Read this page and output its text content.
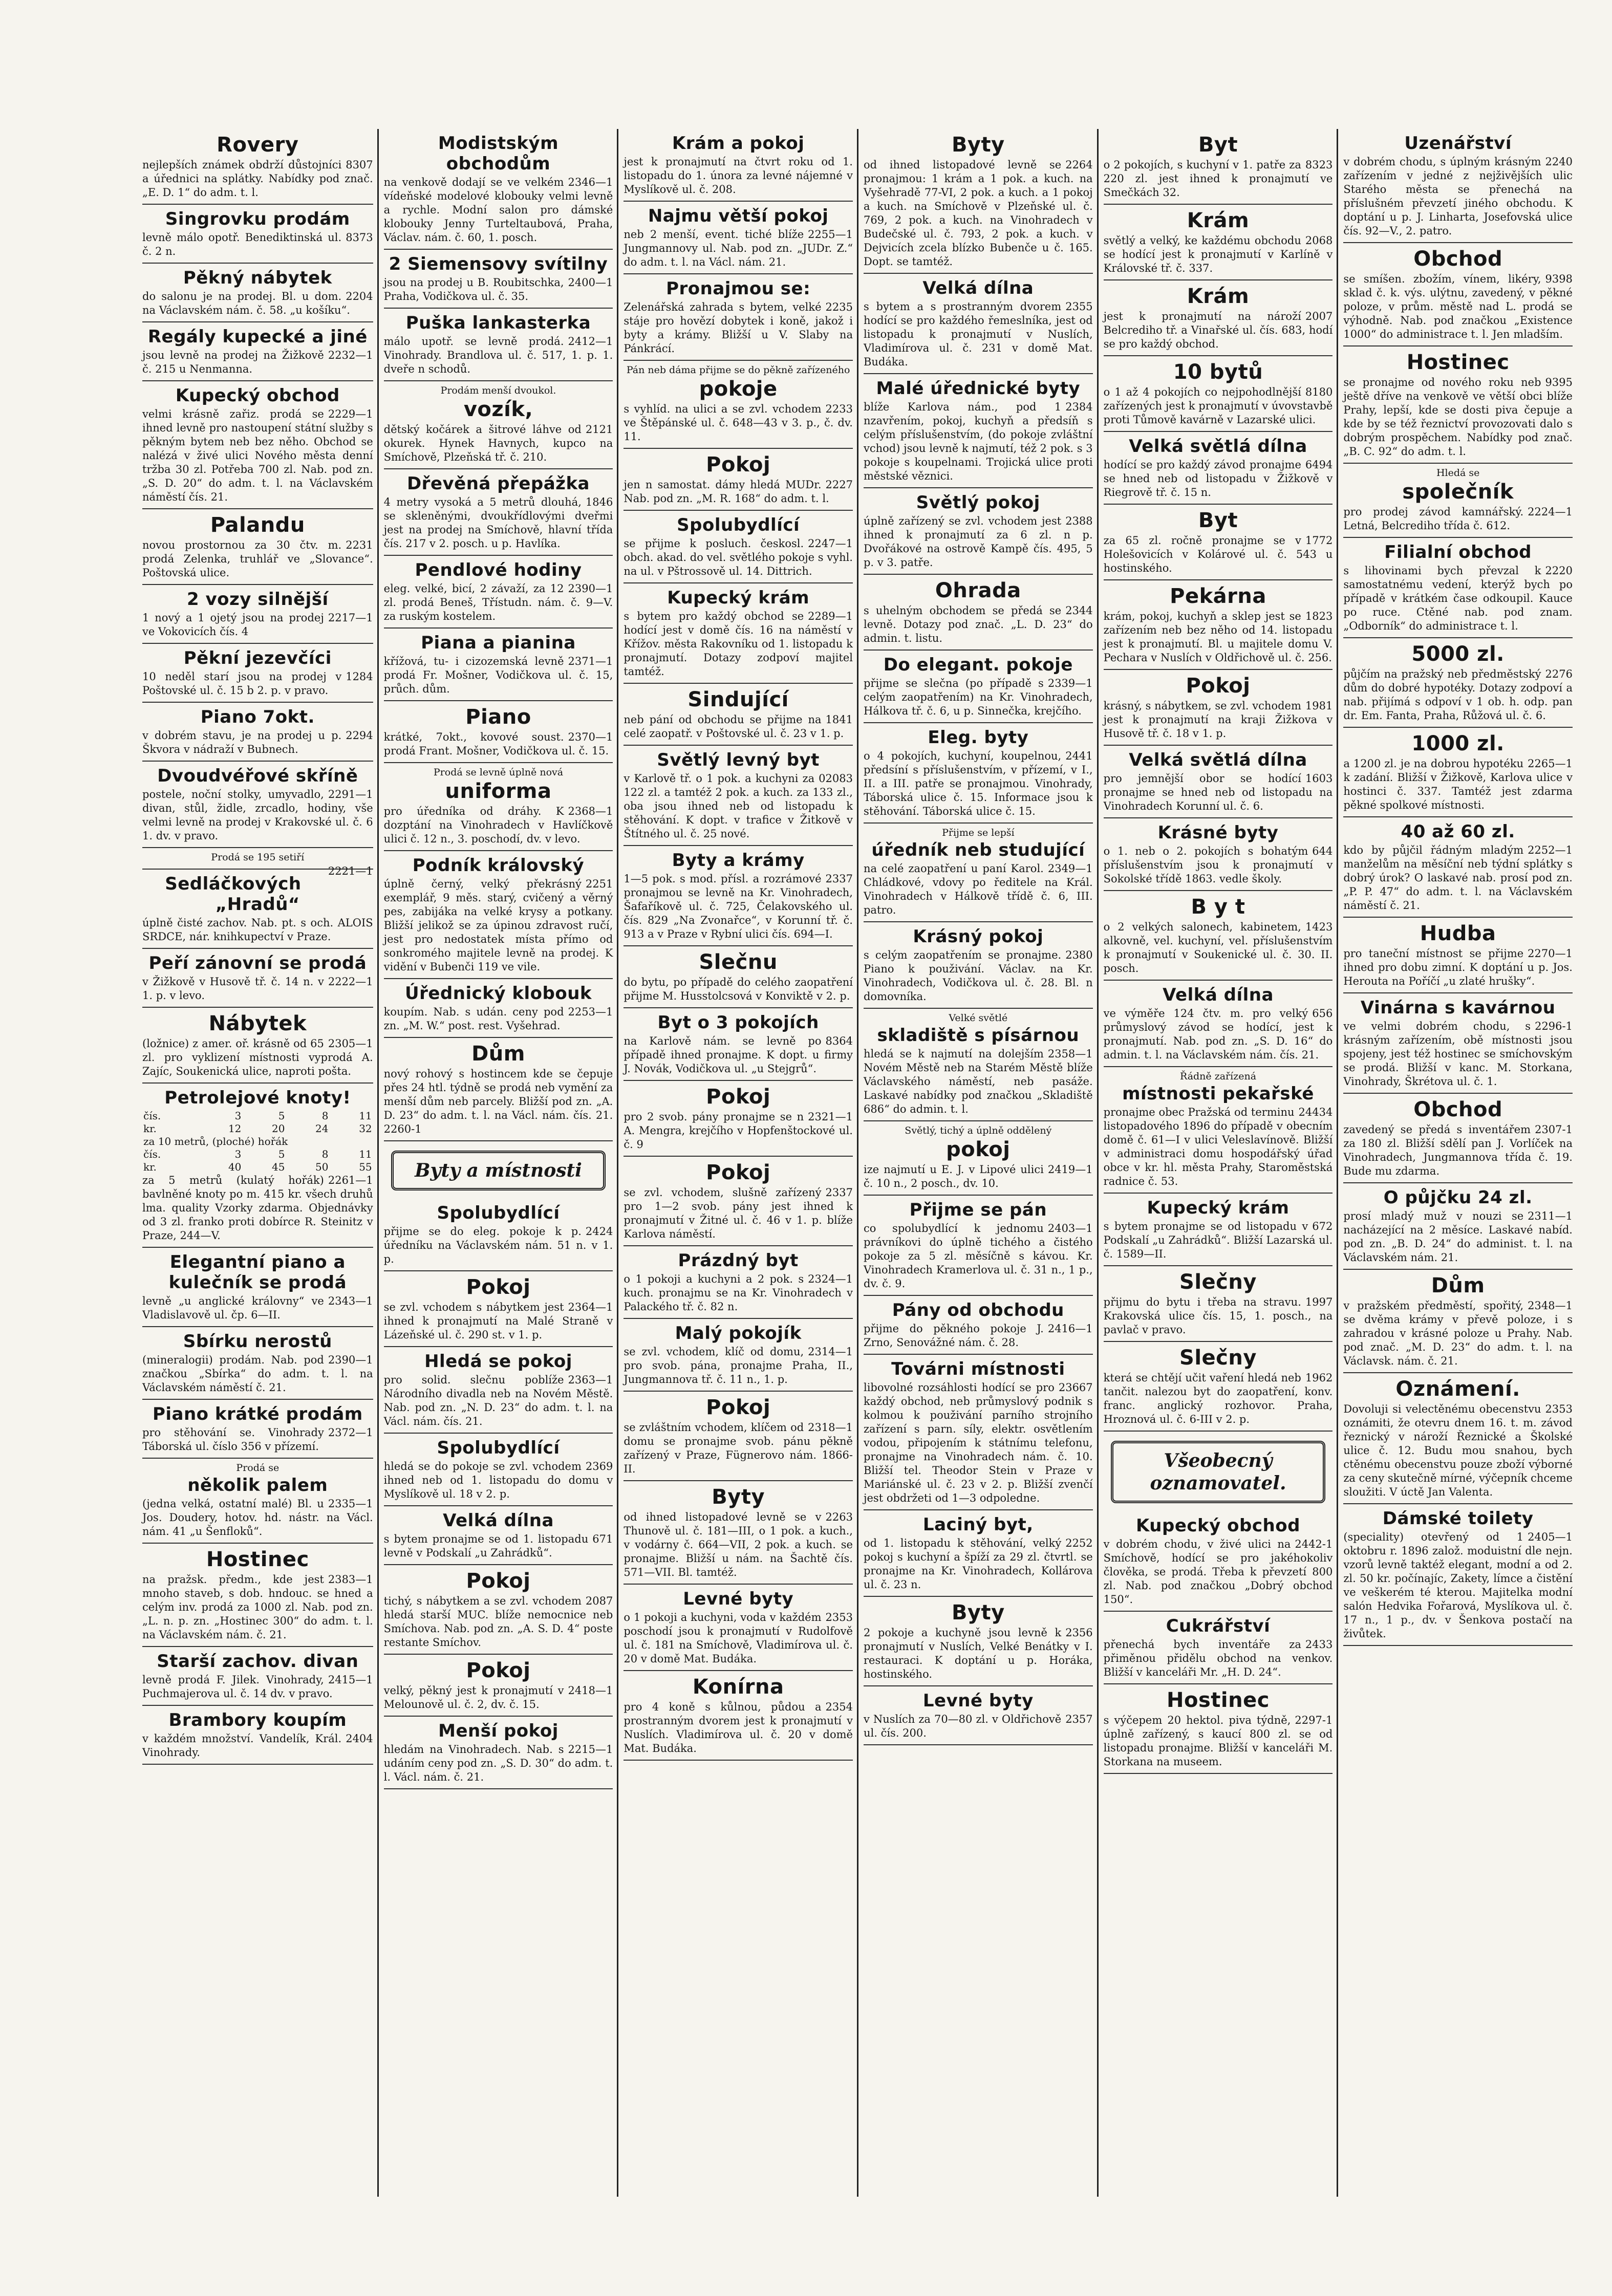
Rovery
8307
nejlepších známek obdrží důstojníci a úřednici na splátky. Nabídky pod znač. „E. D. 1“ do adm. t. l.
Singrovku prodám
8373
levně málo opotř. Benediktinská ul. č. 2 n.
Pěkný nábytek
2204
do salonu je na prodej. Bl. u dom. na Václavském nám. č. 58. „u košíku“.
Regály kupecké a jiné
2232—1
jsou levně na prodej na Žižkově č. 215 u Nenmanna.
Kupecký obchod
2229—1
velmi krásně zařiz. prodá se ihned levně pro nastoupení státní služby s pěkným bytem neb bez něho. Obchod se nalézá v živé ulici Nového města denní tržba 30 zl. Potřeba 700 zl. Nab. pod zn. „S. D. 20“ do adm. t. l. na Václavském náměstí čís. 21.
Palandu
2231
novou prostornou za 30 čtv. m. prodá Zelenka, truhlář ve „Slovance“. Poštovská ulice.
2 vozy silnější
2217—1
1 nový a 1 ojetý jsou na prodej ve Vokovicích čís. 4
Pěkní jezevčíci
1284
10 neděl starí jsou na prodej v Poštovské ul. č. 15 b 2. p. v pravo.
Piano 7okt.
2294
v dobrém stavu, je na prodej u p. Škvora v nádraží v Bubnech.
Dvoudvéřové skříně
2291—1
postele, noční stolky, umyvadlo, divan, stůl, židle, zrcadlo, hodiny, vše velmi levně na prodej v Krakovské ul. č. 6 1. dv. v pravo.
Prodá se 195 setiří
2221—1
Sedláčkových „Hradů“
úplně čisté zachov. Nab. pt. s och. ALOIS SRDCE, nár. knihkupectví v Praze.
Peří zánovní se prodá
2222—1
v Žižkově v Husově tř. č. 14 n. v 1. p. v levo.
Nábytek
2305—1
(ložnice) z amer. oř. krásně od 65 zl. pro vyklizení místnosti vyprodá A. Zajíc, Soukenická ulice, naproti pošta.
Petrolejové knoty!
čís.	3	5	8	11
kr.	12	20	24	32
za 10 metrů, (ploché) hořák				
čís.	3	5	8	11
kr.	40	45	50	55
2261—1
za 5 metrů (kulatý hořák) bavlněné knoty po m. 415 kr. všech druhů lma. quality Vzorky zdarma. Objednávky od 3 zl. franko proti dobírce R. Steinitz v Praze, 244—V.
Elegantní piano a kulečník se prodá
2343—1
levně „u anglické královny“ ve Vladislavově ul. čp. 6—II.
Sbírku nerostů
2390—1
(mineralogii) prodám. Nab. pod značkou „Sbírka“ do adm. t. l. na Václavském náměstí č. 21.
Piano krátké prodám
2372—1
pro stěhování se. Vinohrady Táborská ul. číslo 356 v přízemí.
Prodá se
několik palem
2335—1
(jedna velká, ostatní malé) Bl. u Jos. Doudery, hotov. hd. nástr. na Václ. nám. 41 „u Šenfloků“.
Hostinec
2383—1
na pražsk. předm., kde jest mnoho staveb, s dob. hndouc. se hned a celým inv. prodá za 1000 zl. Nab. pod zn. „L. n. p. zn. „Hostinec 300“ do adm. t. l. na Václavském nám. č. 21.
Starší zachov. divan
2415—1
levně prodá F. Jilek. Vinohrady, Puchmajerova ul. č. 14 dv. v pravo.
Brambory koupím
2404
v každém množství. Vandelík, Král. Vinohrady.
Modistským obchodům
2346—1
na venkově dodají se ve velkém vídeňské modelové klobouky velmi levně a rychle. Modní salon pro dámské klobouky Jenny Turteltaubová, Praha, Václav. nám. č. 60, 1. posch.
2 Siemensovy svítilny
2400—1
jsou na prodej u B. Roubitschka, Praha, Vodičkova ul. č. 35.
Puška lankasterka
2412—1
málo upotř. se levně prodá. Vinohrady. Brandlova ul. č. 517, 1. p. 1. dveře n schodů.
Prodám menší dvoukol.
vozík,
2121
dětský kočárek a šitrové láhve od okurek. Hynek Havnych, kupco na Smíchově, Plzeňská tř. č. 210.
Dřevěná přepážka
1846
4 metry vysoká a 5 metrů dlouhá, se skleněnými, dvoukřídlovými dveřmi jest na prodej na Smíchově, hlavní třída čís. 217 v 2. posch. u p. Havlíka.
Pendlové hodiny
2390—1
eleg. velké, bicí, 2 závaží, za 12 zl. prodá Beneš, Třístudn. nám. č. 9—V. za ruským kostelem.
Piana a pianina
2371—1
křížová, tu- i cizozemská levně prodá Fr. Mošner, Vodičkova ul. č. 15, průch. dům.
Piano
2370—1
krátké, 7okt., kovové soust. prodá Frant. Mošner, Vodičkova ul. č. 15.
Prodá se levně úplně nová
uniforma
2368—1
pro úředníka od dráhy. K dozptání na Vinohradech v Havlíčkově ulici č. 12 n., 3. poschodí, dv. v levo.
Podník královský
2251
úplně černý, velký překrásný exemplář, 9 měs. starý, cvičený a věrný pes, zabijáka na velké krysy a potkany. Bližší jelikož se za úpinou zdravost ručí, jest pro nedostatek místa přímo od sonkromého majitele levně na prodej. K vidění v Bubenči 119 ve vile.
Úřednický klobouk
2253—1
koupím. Nab. s udán. ceny pod zn. „M. W.“ post. rest. Vyšehrad.
Dům
nový rohový s hostincem kde se čepuje přes 24 htl. týdně se prodá neb vymění za menší dům neb parcely. Bližší pod zn. „A. D. 23“ do adm. t. l. na Václ. nám. čís. 21. 2260-1
Byty a místnosti
Spolubydlící
2424
přijme se do eleg. pokoje k p. úředníku na Václavském nám. 51 n. v 1. p.
Pokoj
2364—1
se zvl. vchodem s nábytkem jest ihned k pronajmutí na Malé Straně v Lázeňské ul. č. 290 st. v 1. p.
Hledá se pokoj
2363—1
pro solid. slečnu poblíže Národního divadla neb na Novém Městě. Nab. pod zn. „N. D. 23“ do adm. t. l. na Václ. nám. čís. 21.
Spolubydlící
2369
hledá se do pokoje se zvl. vchodem ihned neb od 1. listopadu do domu v Myslíkově ul. 18 v 2. p.
Velká dílna
671
s bytem pronajme se od 1. listopadu levně v Podskalí „u Zahrádků“.
Pokoj
2087
tichý, s nábytkem a se zvl. vchodem hledá starší MUC. blíže nemocnice neb Smíchova. Nab. pod zn. „A. S. D. 4“ poste restante Smíchov.
Pokoj
2418—1
velký, pěkný jest k pronajmutí v Melounově ul. č. 2, dv. č. 15.
Menší pokoj
2215—1
hledám na Vinohradech. Nab. s udáním ceny pod zn. „S. D. 30“ do adm. t. l. Václ. nám. č. 21.
Krám a pokoj
jest k pronajmutí na čtvrt roku od 1. listopadu do 1. února za levné nájemné v Myslíkově ul. č. 208.
Najmu větší pokoj
2255—1
neb 2 menší, event. tiché blíže Jungmannovy ul. Nab. pod zn. „JUDr. Z.“ do adm. t. l. na Václ. nám. 21.
Pronajmou se:
2235
Zelenářská zahrada s bytem, velké stáje pro hovězí dobytek i koně, jakož i byty a krámy. Bližší u V. Slaby na Pánkrácí.
Pán neb dáma přijme se do pěkně zařízeného
pokoje
2233
s vyhlíd. na ulici a se zvl. vchodem ve Štěpánské ul. č. 648—43 v 3. p., č. dv. 11.
Pokoj
2227
jen n samostat. dámy hledá MUDr. Nab. pod zn. „M. R. 168“ do adm. t. l.
Spolubydlící
2247—1
se přijme k posluch. českosl. obch. akad. do vel. světlého pokoje s vyhl. na ul. v Pštrossově ul. 14. Dittrich.
Kupecký krám
2289—1
s bytem pro každý obchod se hodící jest v domě čís. 16 na náměstí v Křížov. města Rakovníku od 1. listopadu k pronajmutí. Dotazy zodpoví majitel tamtéž.
Sindující
1841
neb pání od obchodu se přijme na celé zaopatř. v Poštovské ul. č. 23 v 1. p.
Světlý levný byt
02083
v Karlově tř. o 1 pok. a kuchyni za 122 zl. a tamtéž 2 pok. a kuch. za 133 zl., oba jsou ihned neb od listopadu k stěhování. K dopt. v trafice v Žitkově v Štítného ul. č. 25 nové.
Byty a krámy
2337
1—5 pok. s mod. přísl. a rozrámové pronajmou se levně na Kr. Vinohradech, Šafaříkově ul. č. 725, Čelakovského ul. čís. 829 „Na Zvonařce“, v Korunní tř. č. 913 a v Praze v Rybní ulici čís. 694—I.
Slečnu
do bytu, po případě do celého zaopatření přijme M. Husstolcsová v Konviktě v 2. p.
Byt o 3 pokojích
8364
na Karlově nám. se levně po případě ihned pronajme. K dopt. u firmy J. Novák, Vodičkova ul. „u Stejgrů“.
Pokoj
2321—1
pro 2 svob. pány pronajme se n A. Mengra, krejčího v Hopfenštockové ul. č. 9
Pokoj
2337
se zvl. vchodem, slušně zařízený pro 1—2 svob. pány jest ihned k pronajmutí v Žitné ul. č. 46 v 1. p. blíže Karlova náměstí.
Prázdný byt
2324—1
o 1 pokoji a kuchyni a 2 pok. s kuch. pronajmu se na Kr. Vinohradech v Palackého tř. č. 82 n.
Malý pokojík
2314—1
se zvl. vchodem, klíč od domu, pro svob. pána, pronajme Praha, II., Jungmannova tř. č. 11 n., 1. p.
Pokoj
2318—1
se zvláštním vchodem, klíčem od domu se pronajme svob. pánu pěkně zařízený v Praze, Fügnerovo nám. 1866-II.
Byty
2263
od ihned listopadové levně se v Thunově ul. č. 181—III, o 1 pok. a kuch., v vodárny č. 664—VII, 2 pok. a kuch. se pronajme. Bližší u nám. na Šachtě čís. 571—VII. Bl. tamtéž.
Levné byty
2353
o 1 pokoji a kuchyni, voda v každém poschodí jsou k pronajmutí v Rudolfově ul. č. 181 na Smíchově, Vladimírova ul. č. 20 v domě Mat. Budáka.
Konírna
2354
pro 4 koně s kůlnou, půdou a prostranným dvorem jest k pronajmutí v Nuslích. Vladimírova ul. č. 20 v domě Mat. Budáka.
Byty
2264
od ihned listopadové levně se pronajmou: 1 krám a 1 pok. a kuch. na Vyšehradě 77-VI, 2 pok. a kuch. a 1 pokoj a kuch. na Smíchově v Plzeňské ul. č. 769, 2 pok. a kuch. na Vinohradech v Budečské ul. č. 793, 2 pok. a kuch. v Dejvicích zcela blízko Bubenče u č. 165. Dopt. se tamtéž.
Velká dílna
2355
s bytem a s prostranným dvorem hodící se pro každého řemeslníka, jest od listopadu k pronajmutí v Nuslích, Vladimírova ul. č. 231 v domě Mat. Budáka.
Malé úřednické byty
2384
blíže Karlova nám., pod 1 nzavřením, pokoj, kuchyň a předsíň s celým příslušenstvím, (do pokoje zvláštní vchod) jsou levně k najmutí, též 2 pok. s 3 pokoje s koupelnami. Trojická ulice proti městské věznici.
Světlý pokoj
2388
úplně zařízený se zvl. vchodem jest ihned k pronajmutí za 6 zl. n p. Dvořákové na ostrově Kampě čís. 495, 5 p. v 3. patře.
Ohrada
2344
s uhelným obchodem se předá se levně. Dotazy pod znač. „L. D. 23“ do admin. t. listu.
Do elegant. pokoje
2339—1
přijme se slečna (po případě s celým zaopatřením) na Kr. Vinohradech, Hálkova tř. č. 6, u p. Sinnečka, krejčího.
Eleg. byty
2441
o 4 pokojích, kuchyní, koupelnou, předsíní s příslušenstvím, v přízemí, v I., II. a III. patře se pronajmou. Vinohrady, Táborská ulice č. 15. Informace jsou k stěhování. Táborská ulice č. 15.
Přijme se lepší
úředník neb studující
2349—1
na celé zaopatření u paní Karol. Chládkové, vdovy po ředitele na Král. Vinohradech v Hálkově třídě č. 6, III. patro.
Krásný pokoj
2380
s celým zaopatřením se pronajme. Piano k použivání. Václav. na Kr. Vinohradech, Vodičkova ul. č. 28. Bl. n domovníka.
Velké světlé
skladiště s písárnou
2358—1
hledá se k najmutí na dolejším Novém Městě neb na Starém Městě blíže Václavského náměstí, neb pasáže. Laskavé nabídky pod značkou „Skladiště 686“ do admin. t. l.
Světlý, tichý a úplně oddělený
pokoj
2419—1
ize najmutí u E. J. v Lipové ulici č. 10 n., 2 posch., dv. 10.
Přijme se pán
2403—1
co spolubydlící k jednomu právníkovi do úplně tichého a čistého pokoje za 5 zl. měsíčně s kávou. Kr. Vinohradech Kramerlova ul. č. 31 n., 1 p., dv. č. 9.
Pány od obchodu
2416—1
přijme do pěkného pokoje J. Zrno, Senovážné nám. č. 28.
Továrni místnosti
23667
libovolné rozsáhlosti hodící se pro každý obchod, neb průmyslový podnik s kolmou k použivání parního strojního zařízení s parn. síly, elektr. osvětlením vodou, připojením k státnímu telefonu, pronajme na Vinohradech nám. č. 10. Bližší tel. Theodor Stein v Praze v Mariánské ul. č. 23 v 2. p. Bližší zvenčí jest obdržeti od 1—3 odpoledne.
Laciný byt,
2252
od 1. listopadu k stěhování, velký pokoj s kuchyní a špíží za 29 zl. čtvrtl. se pronajme na Kr. Vinohradech, Kollárova ul. č. 23 n.
Byty
2356
2 pokoje a kuchyně jsou levně k pronajmutí v Nuslích, Velké Benátky v I. restauraci. K doptání u p. Horáka, hostinského.
Levné byty
2357
v Nuslích za 70—80 zl. v Oldřichově ul. čís. 200.
Byt
8323
o 2 pokojích, s kuchyní v 1. patře za 220 zl. jest ihned k pronajmutí ve Smečkách 32.
Krám
2068
světlý a velký, ke každému obchodu se hodící jest k pronajmutí v Karlíně v Královské tř. č. 337.
Krám
2007
jest k pronajmutí na nároží Belcrediho tř. a Vinařské ul. čís. 683, hodí se pro každý obchod.
10 bytů
8180
o 1 až 4 pokojích co nejpohodlnější zařízených jest k pronajmutí v úvovstavbě proti Tůmově kavárně v Lazarské ulici.
Velká světlá dílna
6494
hodící se pro každý závod pronajme se hned neb od listopadu v Žižkově v Riegrově tř. č. 15 n.
Byt
1772
za 65 zl. ročně pronajme se v Holešovicích v Kolárové ul. č. 543 u hostinského.
Pekárna
1823
krám, pokoj, kuchyň a sklep jest se zařízením neb bez něho od 14. listopadu jest k pronajmutí. Bl. u majitele domu V. Pechara v Nuslích v Oldřichově ul. č. 256.
Pokoj
1981
krásný, s nábytkem, se zvl. vchodem jest k pronajmutí na kraji Žižkova v Husově tř. č. 18 v 1. p.
Velká světlá dílna
1603
pro jemnější obor se hodící pronajme se hned neb od listopadu na Vinohradech Korunní ul. č. 6.
Krásné byty
644
o 1. neb o 2. pokojích s bohatým příslušenstvím jsou k pronajmutí v Sokolské třídě 1863. vedle školy.
B y t
1423
o 2 velkých salonech, kabinetem, alkovně, vel. kuchyní, vel. příslušenstvím k pronajmutí v Soukenické ul. č. 30. II. posch.
Velká dílna
656
ve výměře 124 čtv. m. pro velký průmyslový závod se hodící, jest k pronajmutí. Nab. pod zn. „S. D. 16“ do admin. t. l. na Václavském nám. čís. 21.
Řádně zařízená
místnosti pekařské
24434
pronajme obec Pražská od terminu listopadového 1896 do případě v obecním domě č. 61—I v ulici Veleslavínově. Bližší v administraci domu hospodářský úřad obce v kr. hl. města Prahy, Staroměstská radnice č. 53.
Kupecký krám
672
s bytem pronajme se od listopadu v Podskalí „u Zahrádků“. Bližší Lazarská ul. č. 1589—II.
Slečny
1997
přijmu do bytu i třeba na stravu. Krakovská ulice čís. 15, 1. posch., na pavlač v pravo.
Slečny
1962
která se chtějí učit vaření hledá neb tančit. nalezou byt do zaopatření, konv. franc. anglický rozhovor. Praha, Hroznová ul. č. 6-III v 2. p.
Všeobecný oznamovatel.
Kupecký obchod
2442-1
v dobrém chodu, v živé ulici na Smíchově, hodící se pro jakéhokoliv člověka, se prodá. Třeba k převzetí 800 zl. Nab. pod značkou „Dobrý obchod 150“.
Cukrářství
2433
přenechá bych inventáře za přiměnou přidělu obchod na venkov. Bližší v kanceláři Mr. „H. D. 24“.
Hostinec
2297-1
s výčepem 20 hektol. piva týdně, úplně zařízený, s kaucí 800 zl. se od listopadu pronajme. Bližší v kanceláři M. Storkana na museem.
Uzenářství
2240
v dobrém chodu, s úplným krásným zařízením v jedné z nejživějších ulic Starého města se přenechá na příslušném převzetí jiného obchodu. K doptání u p. J. Linharta, Josefovská ulice čís. 92—V., 2. patro.
Obchod
9398
se smíšen. zbožím, vínem, likéry, sklad č. k. výs. ulýtnu, zavedený, v pěkné poloze, v prům. městě nad L. prodá se výhodně. Nab. pod značkou „Existence 1000“ do administrace t. l. Jen mladším.
Hostinec
9395
se pronajme od nového roku neb ještě dříve na venkově ve větší obci blíže Prahy, lepší, kde se dosti piva čepuje a kde by se též řeznictví provozovati dalo s dobrým prospěchem. Nabídky pod znač. „B. C. 92“ do adm. t. l.
Hledá se
společník
2224—1
pro prodej závod kamnářský. Letná, Belcrediho třída č. 612.
Filialní obchod
2220
s lihovinami bych převzal k samostatnému vedení, kterýž bych po případě v krátkém čase odkoupil. Kauce po ruce. Ctěné nab. pod znam. „Odborník“ do administrace t. l.
5000 zl.
2276
půjčím na pražský neb předměstský dům do dobré hypotéky. Dotazy zodpoví a nab. přijímá s odpoví v 1 ob. h. odp. pan dr. Em. Fanta, Praha, Růžová ul. č. 6.
1000 zl.
2265—1
a 1200 zl. je na dobrou hypotéku k zadání. Bližší v Žižkově, Karlova ulice v hostinci č. 337. Tamtéž jest zdarma pěkné spolkové místnosti.
40 až 60 zl.
2252—1
kdo by půjčil řádným mladým manželům na měsíční neb týdní splátky s dobrý úrok? O laskavé nab. prosí pod zn. „P. P. 47“ do adm. t. l. na Václavském náměstí č. 21.
Hudba
2270—1
pro taneční místnost se přijme ihned pro dobu zimní. K doptání u p. Jos. Herouta na Poříčí „u zlaté hrušky“.
Vinárna s kavárnou
2296-1
ve velmi dobrém chodu, s krásným zařízením, obě místnosti jsou spojeny, jest též hostinec se smíchovským se prodá. Bližší v kanc. M. Storkana, Vinohrady, Škrétova ul. č. 1.
Obchod
2307-1
zavedený se předá s inventářem za 180 zl. Bližší sdělí pan J. Vorlíček na Vinohradech, Jungmannova třída č. 19. Bude mu zdarma.
O půjčku 24 zl.
2311—1
prosí mladý muž v nouzi se nacházející na 2 měsíce. Laskavé nabíd. pod zn. „B. D. 24“ do administ. t. l. na Václavském nám. 21.
Dům
2348—1
v pražském předměstí, spořitý, se dvěma krámy v převě poloze, i s zahradou v krásné poloze u Prahy. Nab. pod znač. „M. D. 23“ do adm. t. l. na Václavsk. nám. č. 21.
Oznámení.
2353
Dovoluji si velectěnému obecenstvu oznámiti, že otevru dnem 16. t. m. závod řeznický v nároží Řeznické a Školské ulice č. 12. Budu mou snahou, bych ctěnému obecenstvu pouze zboží výborné za ceny skutečně mírné, výčepník chceme sloužiti. V úctě Jan Valenta.
Dámské toilety
2405—1
(speciality) otevřený od 1 oktobru r. 1896 založ. moduistní dle nejn. vzorů levně taktéž elegant, modní a od 2. zl. 50 kr. počínajíc, Zakety, límce a čistění ve veškerém té kterou. Majitelka modní salón Hedvika Fořarová, Myslíkova ul. č. 17 n., 1 p., dv. v Šenkova postačí na živůtek.
